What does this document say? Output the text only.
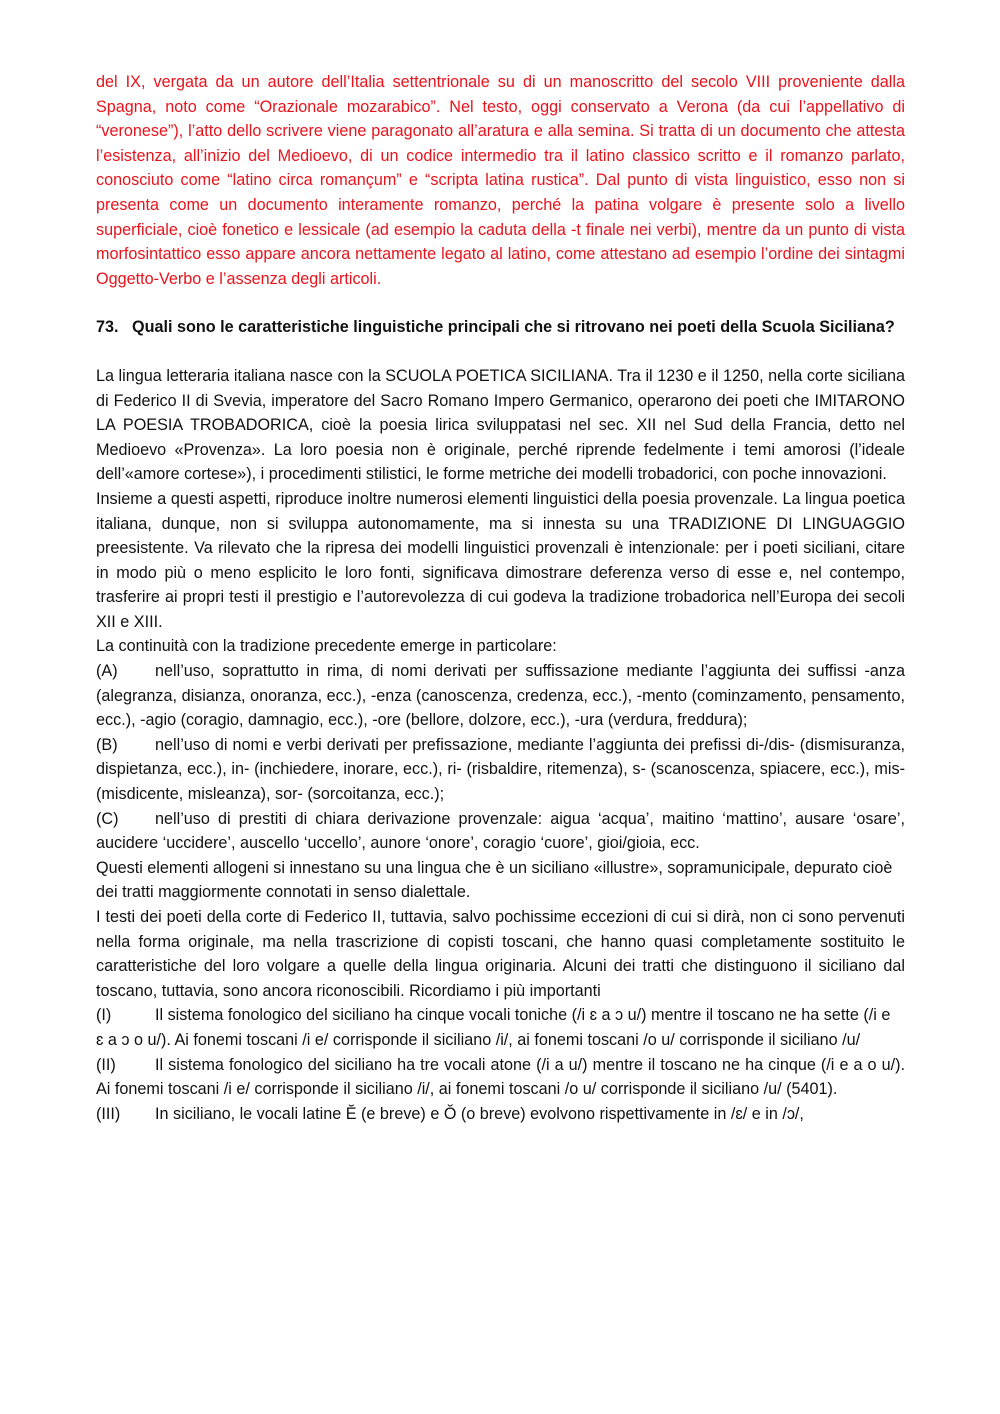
del IX, vergata da un autore dell’Italia settentrionale su di un manoscritto del secolo VIII proveniente dalla Spagna, noto come “Orazionale mozarabico”. Nel testo, oggi conservato a Verona (da cui l’appellativo di “veronese”), l’atto dello scrivere viene paragonato all’aratura e alla semina. Si tratta di un documento che attesta l’esistenza, all’inizio del Medioevo, di un codice intermedio tra il latino classico scritto e il romanzo parlato, conosciuto come “latino circa romançum” e “scripta latina rustica”. Dal punto di vista linguistico, esso non si presenta come un documento interamente romanzo, perché la patina volgare è presente solo a livello superficiale, cioè fonetico e lessicale (ad esempio la caduta della -t finale nei verbi), mentre da un punto di vista morfosintattico esso appare ancora nettamente legato al latino, come attestano ad esempio l’ordine dei sintagmi Oggetto-Verbo e l’assenza degli articoli.

73. Quali sono le caratteristiche linguistiche principali che si ritrovano nei poeti della Scuola Siciliana?

La lingua letteraria italiana nasce con la SCUOLA POETICA SICILIANA. Tra il 1230 e il 1250, nella corte siciliana di Federico II di Svevia, imperatore del Sacro Romano Impero Germanico, operarono dei poeti che IMITARONO LA POESIA TROBADORICA, cioè la poesia lirica sviluppatasi nel sec. XII nel Sud della Francia, detto nel Medioevo «Provenza». La loro poesia non è originale, perché riprende fedelmente i temi amorosi (l’ideale dell’«amore cortese»), i procedimenti stilistici, le forme metriche dei modelli trobadorici, con poche innovazioni.

Insieme a questi aspetti, riproduce inoltre numerosi elementi linguistici della poesia provenzale. La lingua poetica italiana, dunque, non si sviluppa autonomamente, ma si innesta su una TRADIZIONE DI LINGUAGGIO preesistente. Va rilevato che la ripresa dei modelli linguistici provenzali è intenzionale: per i poeti siciliani, citare in modo più o meno esplicito le loro fonti, significava dimostrare deferenza verso di esse e, nel contempo, trasferire ai propri testi il prestigio e l’autorevolezza di cui godeva la tradizione trobadorica nell’Europa dei secoli XII e XIII.

La continuità con la tradizione precedente emerge in particolare:

(A) nell’uso, soprattutto in rima, di nomi derivati per suffissazione mediante l’aggiunta dei suffissi -anza (alegranza, disianza, onoranza, ecc.), -enza (canoscenza, credenza, ecc.), -mento (cominzamento, pensamento, ecc.), -agio (coragio, damnagio, ecc.), -ore (bellore, dolzore, ecc.), -ura (verdura, freddura);

(B) nell’uso di nomi e verbi derivati per prefissazione, mediante l’aggiunta dei prefissi di-/dis- (dismisuranza, dispietanza, ecc.), in- (inchiedere, inorare, ecc.), ri- (risbaldire, ritemenza), s- (scanoscenza, spiacere, ecc.), mis- (misdicente, misleanza), sor- (sorcoitanza, ecc.);

(C) nell’uso di prestiti di chiara derivazione provenzale: aigua ‘acqua’, maitino ‘mattino’, ausare ‘osare’, aucidere ‘uccidere’, auscello ‘uccello’, aunore ‘onore’, coragio ‘cuore’, gioi/gioia, ecc.

Questi elementi allogeni si innestano su una lingua che è un siciliano «illustre», sopramunicipale, depurato cioè dei tratti maggiormente connotati in senso dialettale.

I testi dei poeti della corte di Federico II, tuttavia, salvo pochissime eccezioni di cui si dirà, non ci sono pervenuti nella forma originale, ma nella trascrizione di copisti toscani, che hanno quasi completamente sostituito le caratteristiche del loro volgare a quelle della lingua originaria. Alcuni dei tratti che distinguono il siciliano dal toscano, tuttavia, sono ancora riconoscibili. Ricordiamo i più importanti

(I)	Il sistema fonologico del siciliano ha cinque vocali toniche (/i ɛ a ɔ u/) mentre il toscano ne ha sette (/i e

ɛ a ɔ o u/). Ai fonemi toscani /i e/ corrisponde il siciliano /i/, ai fonemi toscani /o u/ corrisponde il siciliano /u/

(II) Il sistema fonologico del siciliano ha tre vocali atone (/i a u/) mentre il toscano ne ha cinque (/i e a o u/). Ai fonemi toscani /i e/ corrisponde il siciliano /i/, ai fonemi toscani /o u/ corrisponde il siciliano /u/ (5401).

(III) In siciliano, le vocali latine Ĕ (e breve) e Ŏ (o breve) evolvono rispettivamente in /ɛ/ e in /ɔ/,
